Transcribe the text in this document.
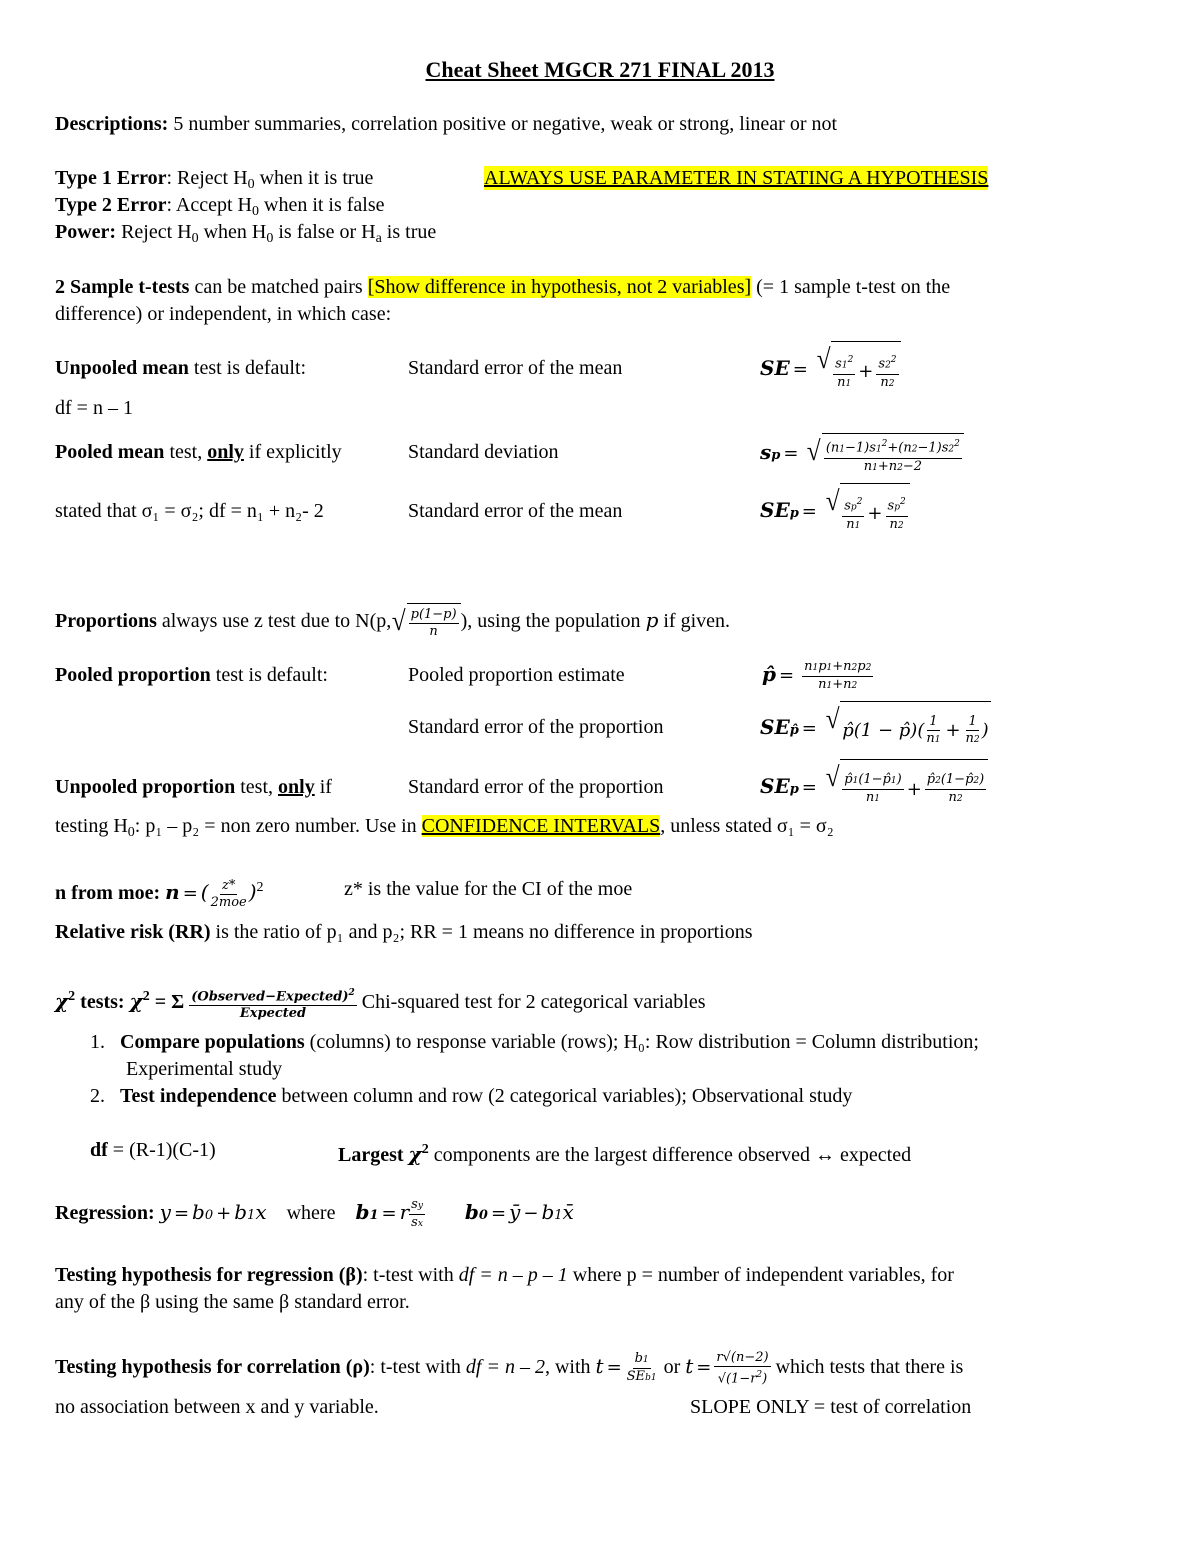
Cheat Sheet MGCR 271 FINAL 2013
Descriptions: 5 number summaries, correlation positive or negative, weak or strong, linear or not
Type 1 Error: Reject $H_0$ when it is true	ALWAYS USE PARAMETER IN STATING A HYPOTHESIS
Type 2 Error: Accept $H_0$ when it is false
Power: Reject $H_0$ when $H_0$ is false or $H_a$ is true
2 Sample t-tests can be matched pairs [Show difference in hypothesis, not 2 variables] (= 1 sample t-test on the
difference) or independent, in which case:
Unpooled mean test is default:	Standard error of the mean	SE = √ $\frac{s1^2}{n1} + \frac{s2^2}{n2}$
df = n – 1
Pooled mean test, only if explicitly	Standard deviation	sp = √ $\frac{(n1-1)s1^2+(n2-1)s2^2}{n1+n2-2}$
stated that σ₁ = σ₂; df = n₁ + n₂- 2	Standard error of the mean	SEp = √ $\frac{sp^2}{n1} + \frac{sp^2}{n2}$
Proportions always use z test due to N(p, √ $\frac{p(1-p)}{n}$ ), using the population p if given.
Pooled proportion test is default:	Pooled proportion estimate	p̂ = $\frac{n1p1+n2p2}{n1+n2}$
Standard error of the proportion	SEp̂ = √ p̂(1 − p̂)( $\frac{1}{n1} + \frac{1}{n2}$ )
Unpooled proportion test, only if	Standard error of the proportion	SEp = √ $\frac{p̂1(1-p̂1)}{n1} + \frac{p̂2(1-p̂2)}{n2}$
testing $H_0$: p₁ – p₂ = non zero number. Use in CONFIDENCE INTERVALS, unless stated σ₁ = σ₂
n from moe: n = ( $\frac{z*}{\text{2moe}} )^2$	z* is the value for the CI of the moe
Relative risk (RR) is the ratio of p₁ and p₂; RR = 1 means no difference in proportions
$\chi^2$ tests: $\chi^2 = \Sigma \frac{(Observed-Expected)^2}{\text{Expected}}$ Chi-squared test for 2 categorical variables
1.   Compare populations (columns) to response variable (rows); H₀: Row distribution = Column distribution;
Experimental study
2.   Test independence between column and row (2 categorical variables); Observational study
df = (R-1)(C-1)	Largest $\chi^2$ components are the largest difference observed ↔ expected
Regression: y = b0 + b1x where b1 = r $\frac{sy}{sx} b0$ = ȳ − b1x̄
Testing hypothesis for regression (β): t-test with df = n – p – 1 where p = number of independent variables, for
any of the β using the same β standard error.
Testing hypothesis for correlation (ρ): t-test with df = n – 2, with $t = \frac{b1}{\text{SEb1}}$ or $t = \frac{r√(n-2)}{√(1-r^2)}$ which tests that there is
no association between x and y variable.	SLOPE ONLY = test of correlation
